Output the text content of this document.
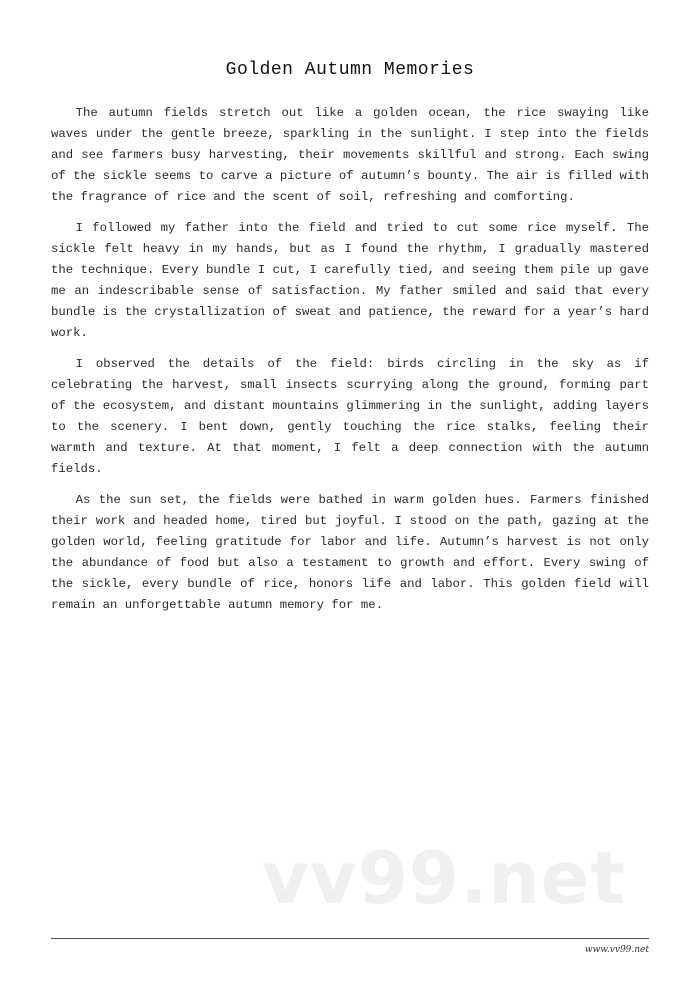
Golden Autumn Memories

The autumn fields stretch out like a golden ocean, the rice swaying like waves under the gentle breeze, sparkling in the sunlight. I step into the fields and see farmers busy harvesting, their movements skillful and strong. Each swing of the sickle seems to carve a picture of autumn’s bounty. The air is filled with the fragrance of rice and the scent of soil, refreshing and comforting.

I followed my father into the field and tried to cut some rice myself. The sickle felt heavy in my hands, but as I found the rhythm, I gradually mastered the technique. Every bundle I cut, I carefully tied, and seeing them pile up gave me an indescribable sense of satisfaction. My father smiled and said that every bundle is the crystallization of sweat and patience, the reward for a year’s hard work.

I observed the details of the field: birds circling in the sky as if celebrating the harvest, small insects scurrying along the ground, forming part of the ecosystem, and distant mountains glimmering in the sunlight, adding layers to the scenery. I bent down, gently touching the rice stalks, feeling their warmth and texture. At that moment, I felt a deep connection with the autumn fields.

As the sun set, the fields were bathed in warm golden hues. Farmers finished their work and headed home, tired but joyful. I stood on the path, gazing at the golden world, feeling gratitude for labor and life. Autumn’s harvest is not only the abundance of food but also a testament to growth and effort. Every swing of the sickle, every bundle of rice, honors life and labor. This golden field will remain an unforgettable autumn memory for me.

vv99.net
www.vv99.net
